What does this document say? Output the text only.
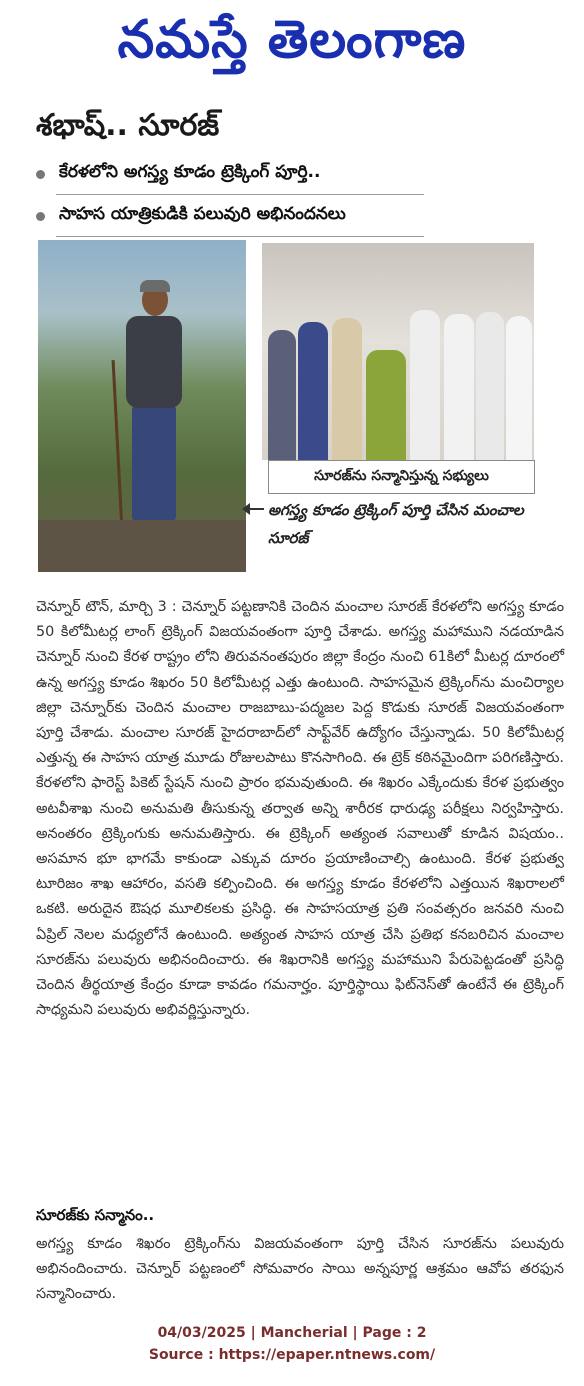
నమస్తే తెలంగాణ
శభాష్.. సూరజ్
కేరళలోని అగస్త్య కూడం ట్రెక్కింగ్ పూర్తి..
సాహస యాత్రికుడికి పలువురి అభినందనలు
సూరజ్‌ను సన్మానిస్తున్న సభ్యులు
అగస్త్య కూడం ట్రెక్కింగ్ పూర్తి చేసిన మంచాల సూరజ్

చెన్నూర్ టౌన్, మార్చి 3 : చెన్నూర్ పట్టణానికి చెందిన మంచాల సూరజ్ కేరళలోని అగస్త్య కూడం 50 కిలోమీటర్ల లాంగ్ ట్రెక్కింగ్ విజయవంతంగా పూర్తి చేశాడు. అగస్త్య మహాముని నడయాడిన చెన్నూర్ నుంచి కేరళ రాష్ట్రం లోని తిరువనంతపురం జిల్లా కేంద్రం నుంచి 61కిలో మీటర్ల దూరంలో ఉన్న అగస్త్య కూడం శిఖరం 50 కిలోమీటర్ల ఎత్తు ఉంటుంది. సాహసమైన ట్రెక్కింగ్‌ను మంచిర్యాల జిల్లా చెన్నూర్‌కు చెందిన మంచాల రాజబాబు-పద్మజల పెద్ద కొడుకు సూరజ్ విజయవంతంగా పూర్తి చేశాడు. మంచాల సూరజ్ హైదరాబాద్‌లో సాఫ్ట్‌వేర్ ఉద్యోగం చేస్తున్నాడు. 50 కిలోమీటర్ల ఎత్తున్న ఈ సాహస యాత్ర మూడు రోజులపాటు కొనసాగింది. ఈ ట్రెక్ కఠినమైందిగా పరిగణిస్తారు. కేరళలోని ఫారెస్ట్ పికెట్ స్టేషన్ నుంచి ప్రారం భమవుతుంది. ఈ శిఖరం ఎక్కేందుకు కేరళ ప్రభుత్వం అటవీశాఖ నుంచి అనుమతి తీసుకున్న తర్వాత అన్ని శారీరక ధారుఢ్య పరీక్షలు నిర్వహిస్తారు. అనంతరం ట్రెక్కింగుకు అనుమతిస్తారు. ఈ ట్రెక్కింగ్ అత్యంత సవాలుతో కూడిన విషయం.. అసమాన భూ భాగమే కాకుండా ఎక్కువ దూరం ప్రయాణించాల్సి ఉంటుంది. కేరళ ప్రభుత్వ టూరిజం శాఖ ఆహారం, వసతి కల్పించింది. ఈ అగస్త్య కూడం కేరళలోని ఎత్తయిన శిఖరాలలో ఒకటి. అరుదైన ఔషధ మూలికలకు ప్రసిద్ధి. ఈ సాహసయాత్ర ప్రతి సంవత్సరం జనవరి నుంచి ఏప్రిల్ నెలల మధ్యలోనే ఉంటుంది. అత్యంత సాహస యాత్ర చేసి ప్రతిభ కనబరిచిన మంచాల సూరజ్‌ను పలువురు అభినందించారు. ఈ శిఖరానికి అగస్త్య మహాముని పేరుపెట్టడంతో ప్రసిద్ధి చెందిన తీర్థయాత్ర కేంద్రం కూడా కావడం గమనార్హం. పూర్తిస్థాయి ఫిట్‌నెస్‌తో ఉంటేనే ఈ ట్రెక్కింగ్ సాధ్యమని పలువురు అభివర్ణిస్తున్నారు.

సూరజ్‌కు సన్మానం..

అగస్త్య కూడం శిఖరం ట్రెక్కింగ్‌ను విజయవంతంగా పూర్తి చేసిన సూరజ్‌ను పలువురు అభినందించారు. చెన్నూర్ పట్టణంలో సోమవారం సాయి అన్నపూర్ణ ఆశ్రమం ఆవోప తరఫున సన్మానించారు.

04/03/2025 | Mancherial | Page : 2
Source : https://epaper.ntnews.com/
